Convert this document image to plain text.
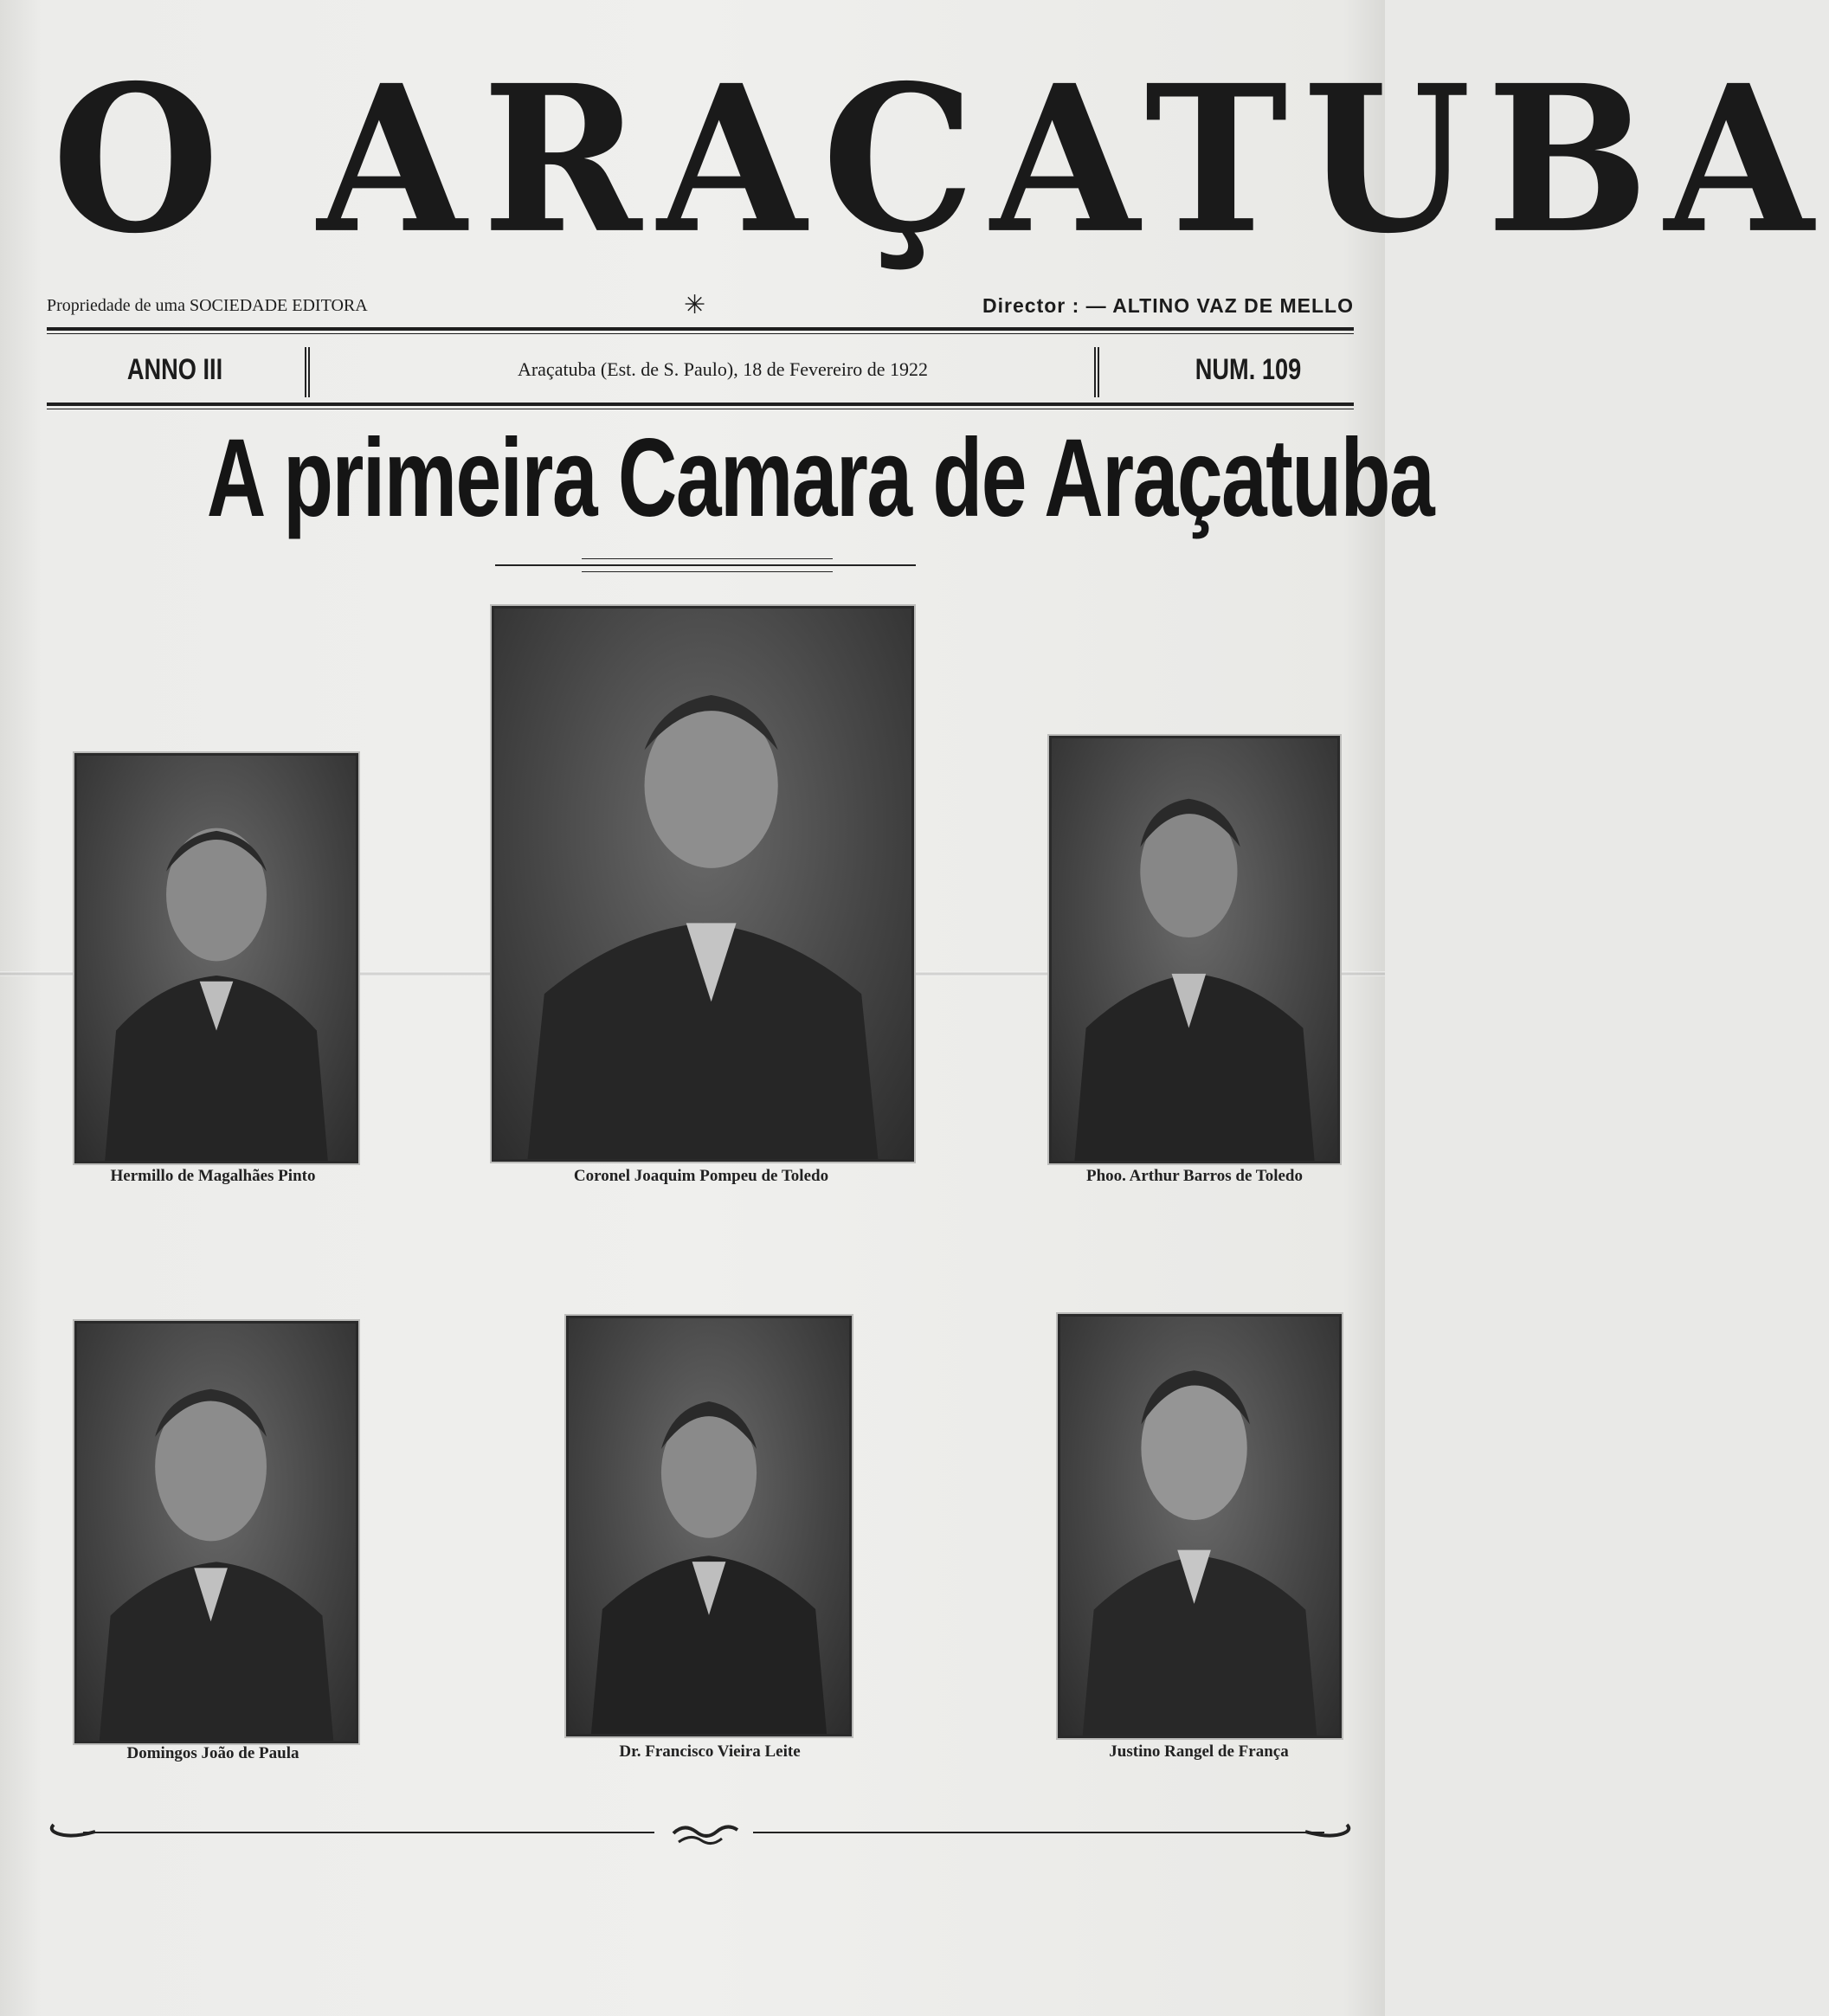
O ARAÇATUBA
Propriedade de uma SOCIEDADE EDITORA	✳	Director : — ALTINO VAZ DE MELLO
ANNO III	Araçatuba (Est. de S. Paulo), 18 de Fevereiro de 1922	NUM. 109
A primeira Camara de Araçatuba
Hermillo de Magalhães Pinto	Coronel Joaquim Pompeu de Toledo	Phoo. Arthur Barros de Toledo
Domingos João de Paula	Dr. Francisco Vieira Leite	Justino Rangel de França
